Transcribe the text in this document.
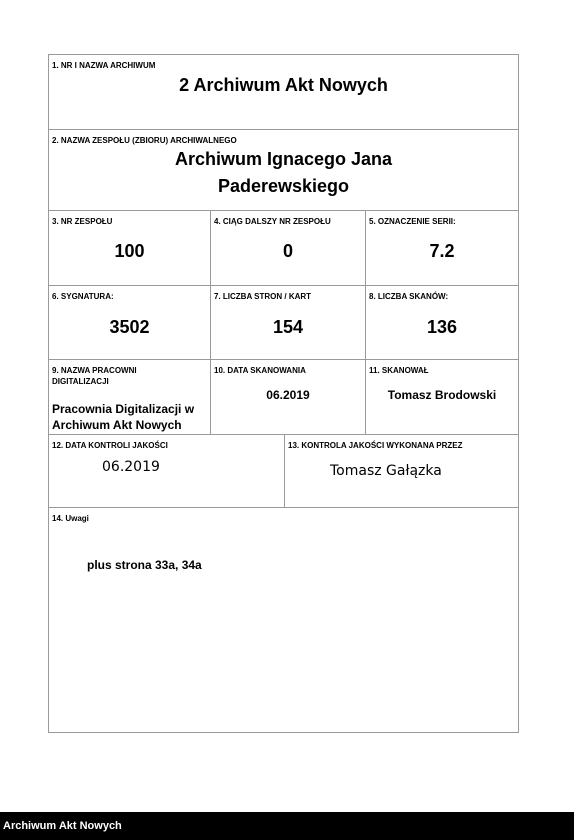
1. NR I NAZWA ARCHIWUM
2 Archiwum Akt Nowych
2. NAZWA ZESPOŁU (ZBIORU) ARCHIWALNEGO
Archiwum Ignacego Jana
Paderewskiego
3. NR ZESPOŁU
100
4. CIĄG DALSZY NR ZESPOŁU
0
5. OZNACZENIE SERII:
7.2
6. SYGNATURA:
3502
7. LICZBA STRON / KART
154
8. LICZBA SKANÓW:
136
9. NAZWA PRACOWNI
DIGITALIZACJI
Pracownia Digitalizacji w
Archiwum Akt Nowych
10. DATA SKANOWANIA
06.2019
11. SKANOWAŁ
Tomasz Brodowski
12. DATA KONTROLI JAKOŚCI
06.2019
13. KONTROLA JAKOŚCI WYKONANA PRZEZ
Tomasz Gałązka
14. Uwagi
plus strona 33a, 34a
Archiwum Akt Nowych
